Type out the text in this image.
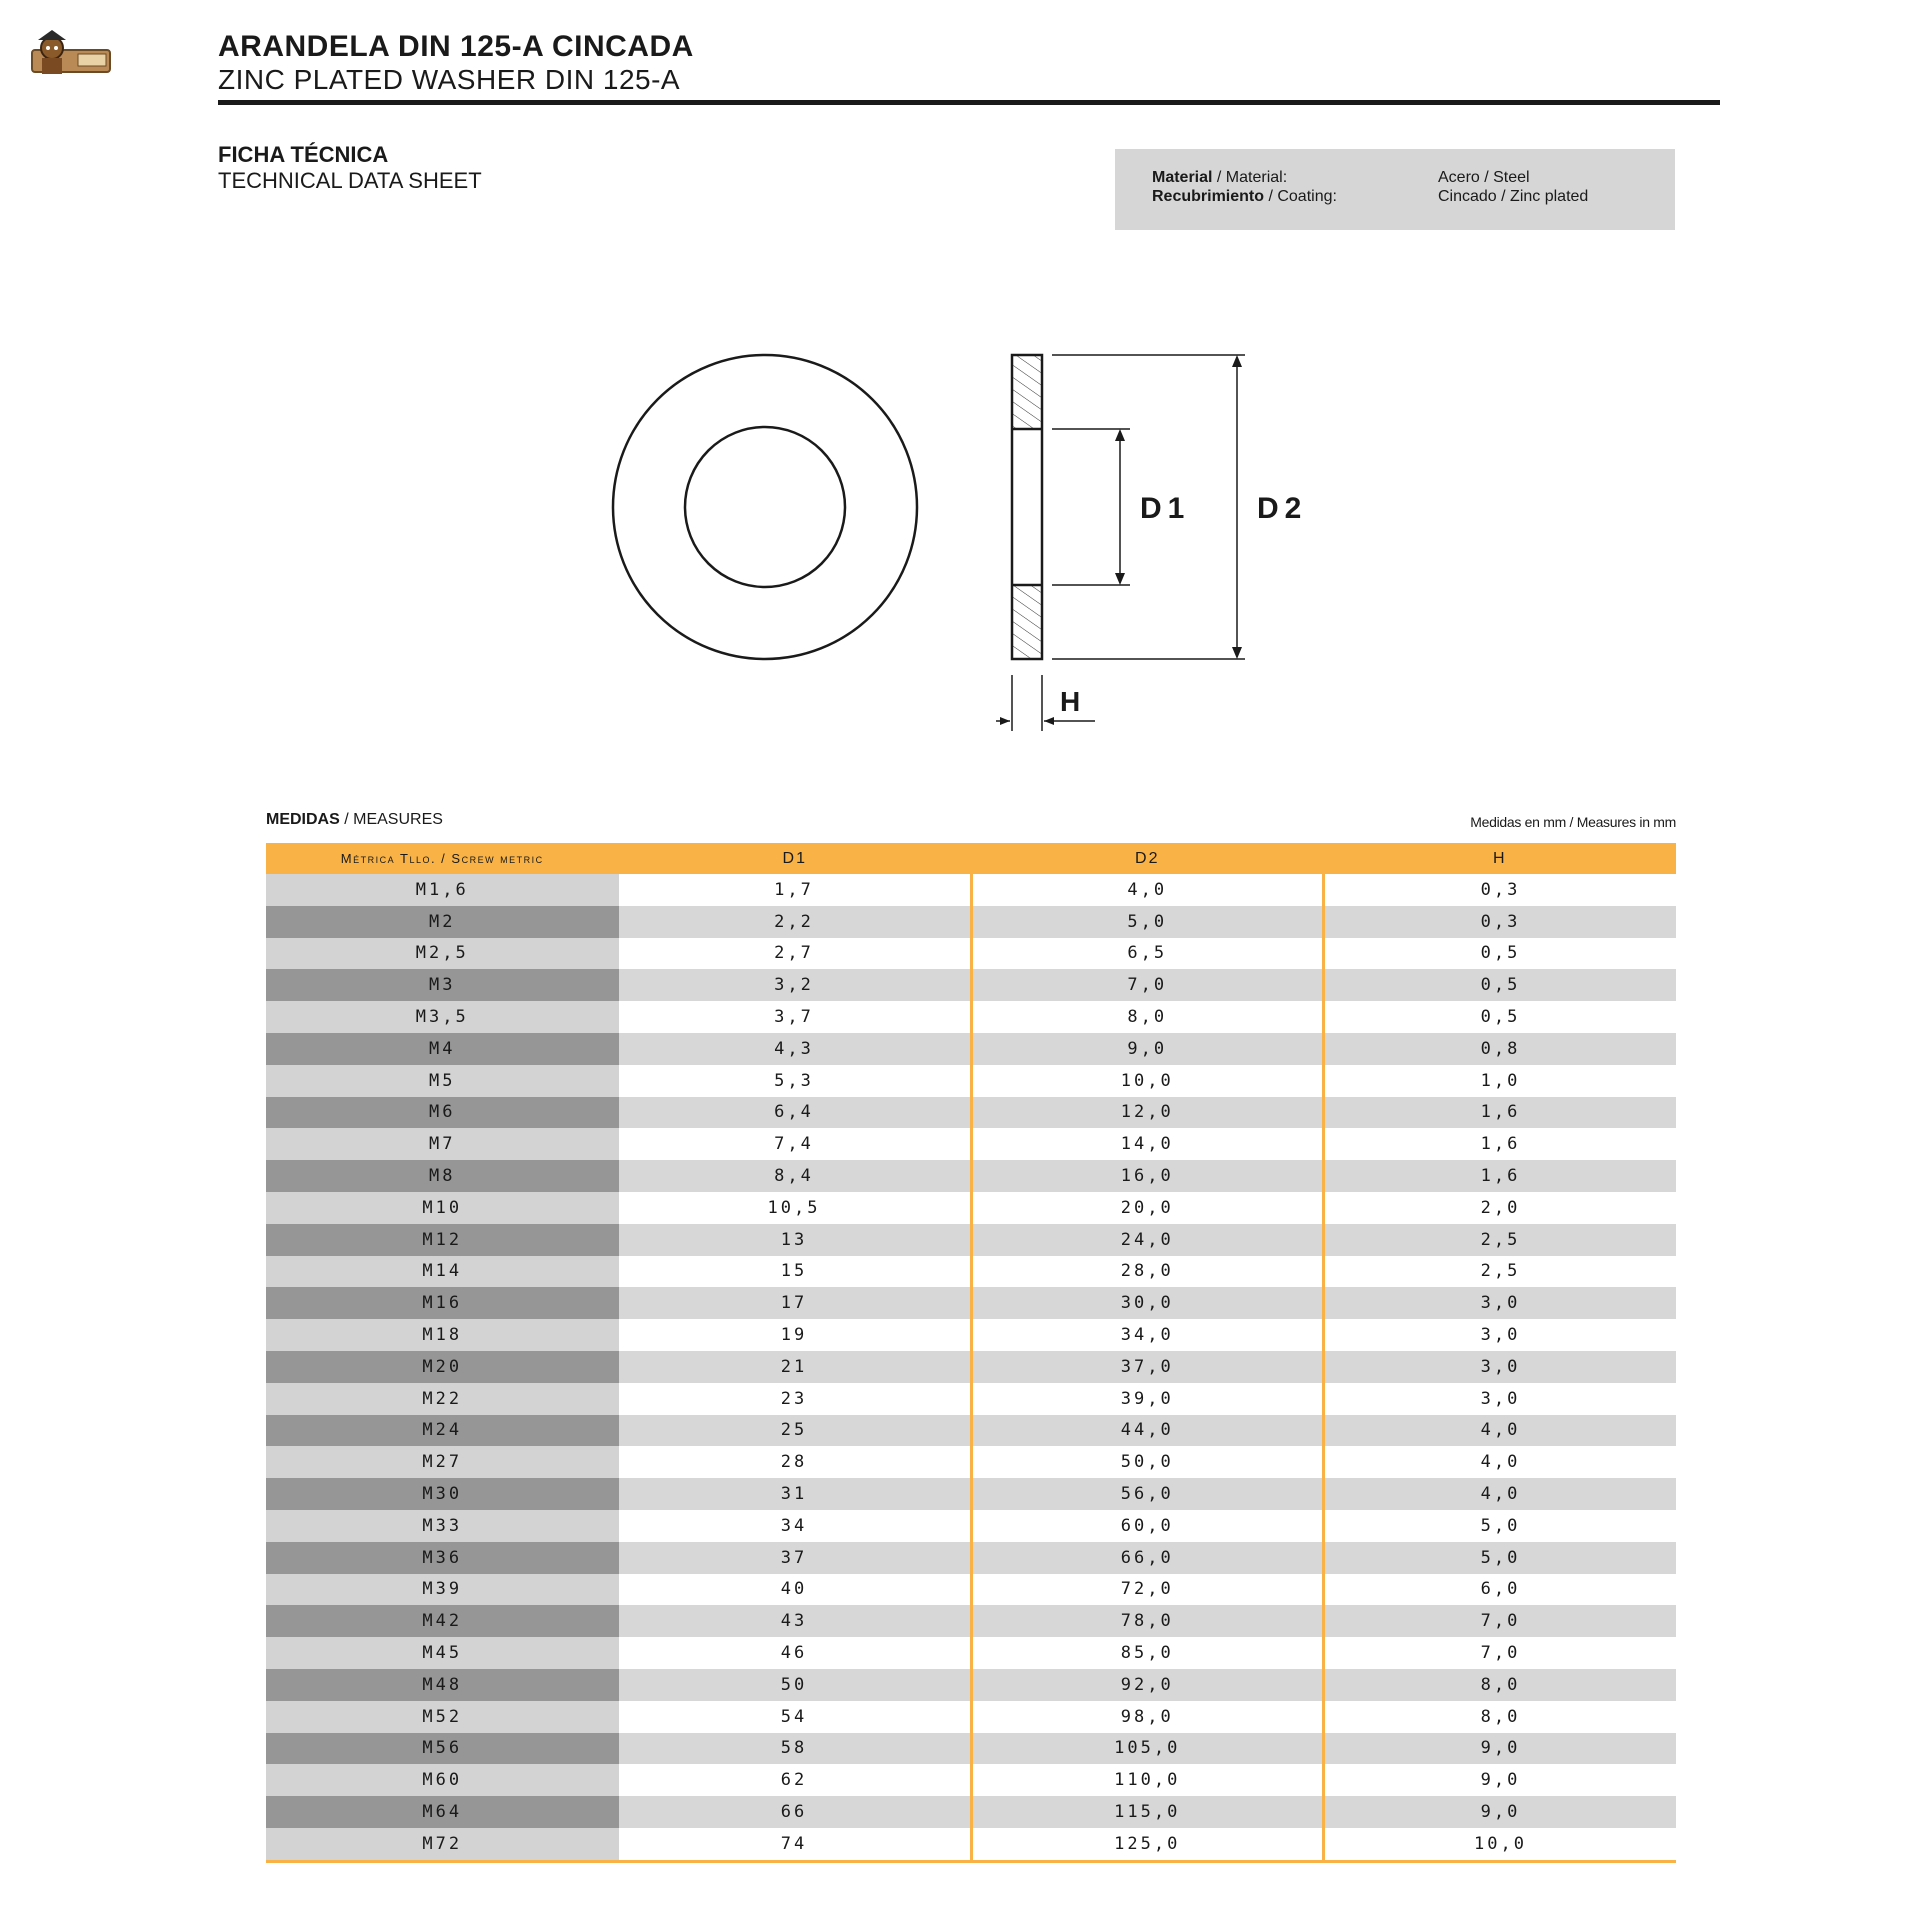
ARANDELA DIN 125-A CINCADA
ZINC PLATED WASHER DIN 125-A
FICHA TÉCNICA
TECHNICAL DATA SHEET	Material / Material:	Acero / Steel
Recubrimiento / Coating:	Cincado / Zinc plated
D1 D2
H
MEDIDAS / MEASURES	Medidas en mm / Measures in mm
Métrica Tllo. / Screw metric	D1	D2	H
M1,6	1,7	4,0	0,3
M2	2,2	5,0	0,3
M2,5	2,7	6,5	0,5
M3	3,2	7,0	0,5
M3,5	3,7	8,0	0,5
M4	4,3	9,0	0,8
M5	5,3	10,0	1,0
M6	6,4	12,0	1,6
M7	7,4	14,0	1,6
M8	8,4	16,0	1,6
M10	10,5	20,0	2,0
M12	13	24,0	2,5
M14	15	28,0	2,5
M16	17	30,0	3,0
M18	19	34,0	3,0
M20	21	37,0	3,0
M22	23	39,0	3,0
M24	25	44,0	4,0
M27	28	50,0	4,0
M30	31	56,0	4,0
M33	34	60,0	5,0
M36	37	66,0	5,0
M39	40	72,0	6,0
M42	43	78,0	7,0
M45	46	85,0	7,0
M48	50	92,0	8,0
M52	54	98,0	8,0
M56	58	105,0	9,0
M60	62	110,0	9,0
M64	66	115,0	9,0
M72	74	125,0	10,0
